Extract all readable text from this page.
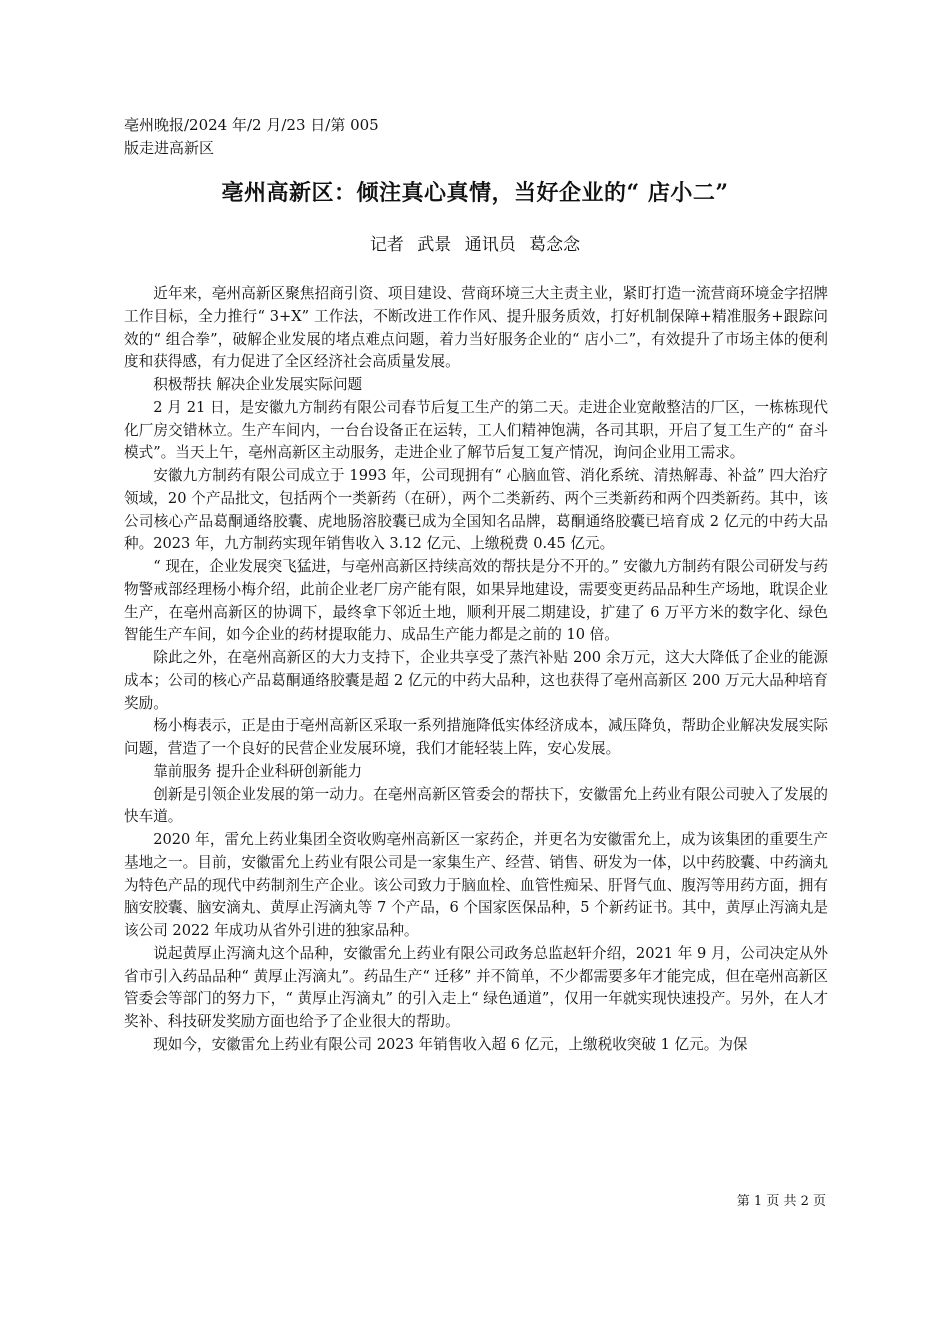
亳州晚报/2024 年/2 月/23 日/第 005
版走进高新区
亳州高新区：倾注真心真情，当好企业的“ 店小二”
记者 武景 通讯员 葛念念

近年来，亳州高新区聚焦招商引资、项目建设、营商环境三大主责主业，紧盯打造一流营商环境金字招牌工作目标，全力推行“ 3+X” 工作法，不断改进工作作风、提升服务质效，打好机制保障+精准服务+跟踪问效的“ 组合拳”，破解企业发展的堵点难点问题，着力当好服务企业的“ 店小二”，有效提升了市场主体的便利度和获得感，有力促进了全区经济社会高质量发展。

积极帮扶 解决企业发展实际问题

2 月 21 日，是安徽九方制药有限公司春节后复工生产的第二天。走进企业宽敞整洁的厂区，一栋栋现代化厂房交错林立。生产车间内，一台台设备正在运转，工人们精神饱满，各司其职，开启了复工生产的“ 奋斗模式”。当天上午，亳州高新区主动服务，走进企业了解节后复工复产情况，询问企业用工需求。

安徽九方制药有限公司成立于 1993 年，公司现拥有“ 心脑血管、消化系统、清热解毒、补益” 四大治疗领域，20 个产品批文，包括两个一类新药（在研），两个二类新药、两个三类新药和两个四类新药。其中，该公司核心产品葛酮通络胶囊、虎地肠溶胶囊已成为全国知名品牌，葛酮通络胶囊已培育成 2 亿元的中药大品种。2023 年，九方制药实现年销售收入 3.12 亿元、上缴税费 0.45 亿元。

“ 现在，企业发展突飞猛进，与亳州高新区持续高效的帮扶是分不开的。” 安徽九方制药有限公司研发与药物警戒部经理杨小梅介绍，此前企业老厂房产能有限，如果异地建设，需要变更药品品种生产场地，耽误企业生产，在亳州高新区的协调下，最终拿下邻近土地，顺利开展二期建设，扩建了 6 万平方米的数字化、绿色智能生产车间，如今企业的药材提取能力、成品生产能力都是之前的 10 倍。

除此之外，在亳州高新区的大力支持下，企业共享受了蒸汽补贴 200 余万元，这大大降低了企业的能源成本；公司的核心产品葛酮通络胶囊是超 2 亿元的中药大品种，这也获得了亳州高新区 200 万元大品种培育奖励。

杨小梅表示，正是由于亳州高新区采取一系列措施降低实体经济成本，减压降负，帮助企业解决发展实际问题，营造了一个良好的民营企业发展环境，我们才能轻装上阵，安心发展。

靠前服务 提升企业科研创新能力

创新是引领企业发展的第一动力。在亳州高新区管委会的帮扶下，安徽雷允上药业有限公司驶入了发展的快车道。

2020 年，雷允上药业集团全资收购亳州高新区一家药企，并更名为安徽雷允上，成为该集团的重要生产基地之一。目前，安徽雷允上药业有限公司是一家集生产、经营、销售、研发为一体，以中药胶囊、中药滴丸为特色产品的现代中药制剂生产企业。该公司致力于脑血栓、血管性痴呆、肝肾气血、腹泻等用药方面，拥有脑安胶囊、脑安滴丸、黄厚止泻滴丸等 7 个产品，6 个国家医保品种，5 个新药证书。其中，黄厚止泻滴丸是该公司 2022 年成功从省外引进的独家品种。

说起黄厚止泻滴丸这个品种，安徽雷允上药业有限公司政务总监赵轩介绍，2021 年 9 月，公司决定从外省市引入药品品种“ 黄厚止泻滴丸”。药品生产“ 迁移” 并不简单，不少都需要多年才能完成，但在亳州高新区管委会等部门的努力下，“ 黄厚止泻滴丸” 的引入走上“ 绿色通道”，仅用一年就实现快速投产。另外，在人才奖补、科技研发奖励方面也给予了企业很大的帮助。

现如今，安徽雷允上药业有限公司 2023 年销售收入超 6 亿元，上缴税收突破 1 亿元。为保

第 1 页 共 2 页
